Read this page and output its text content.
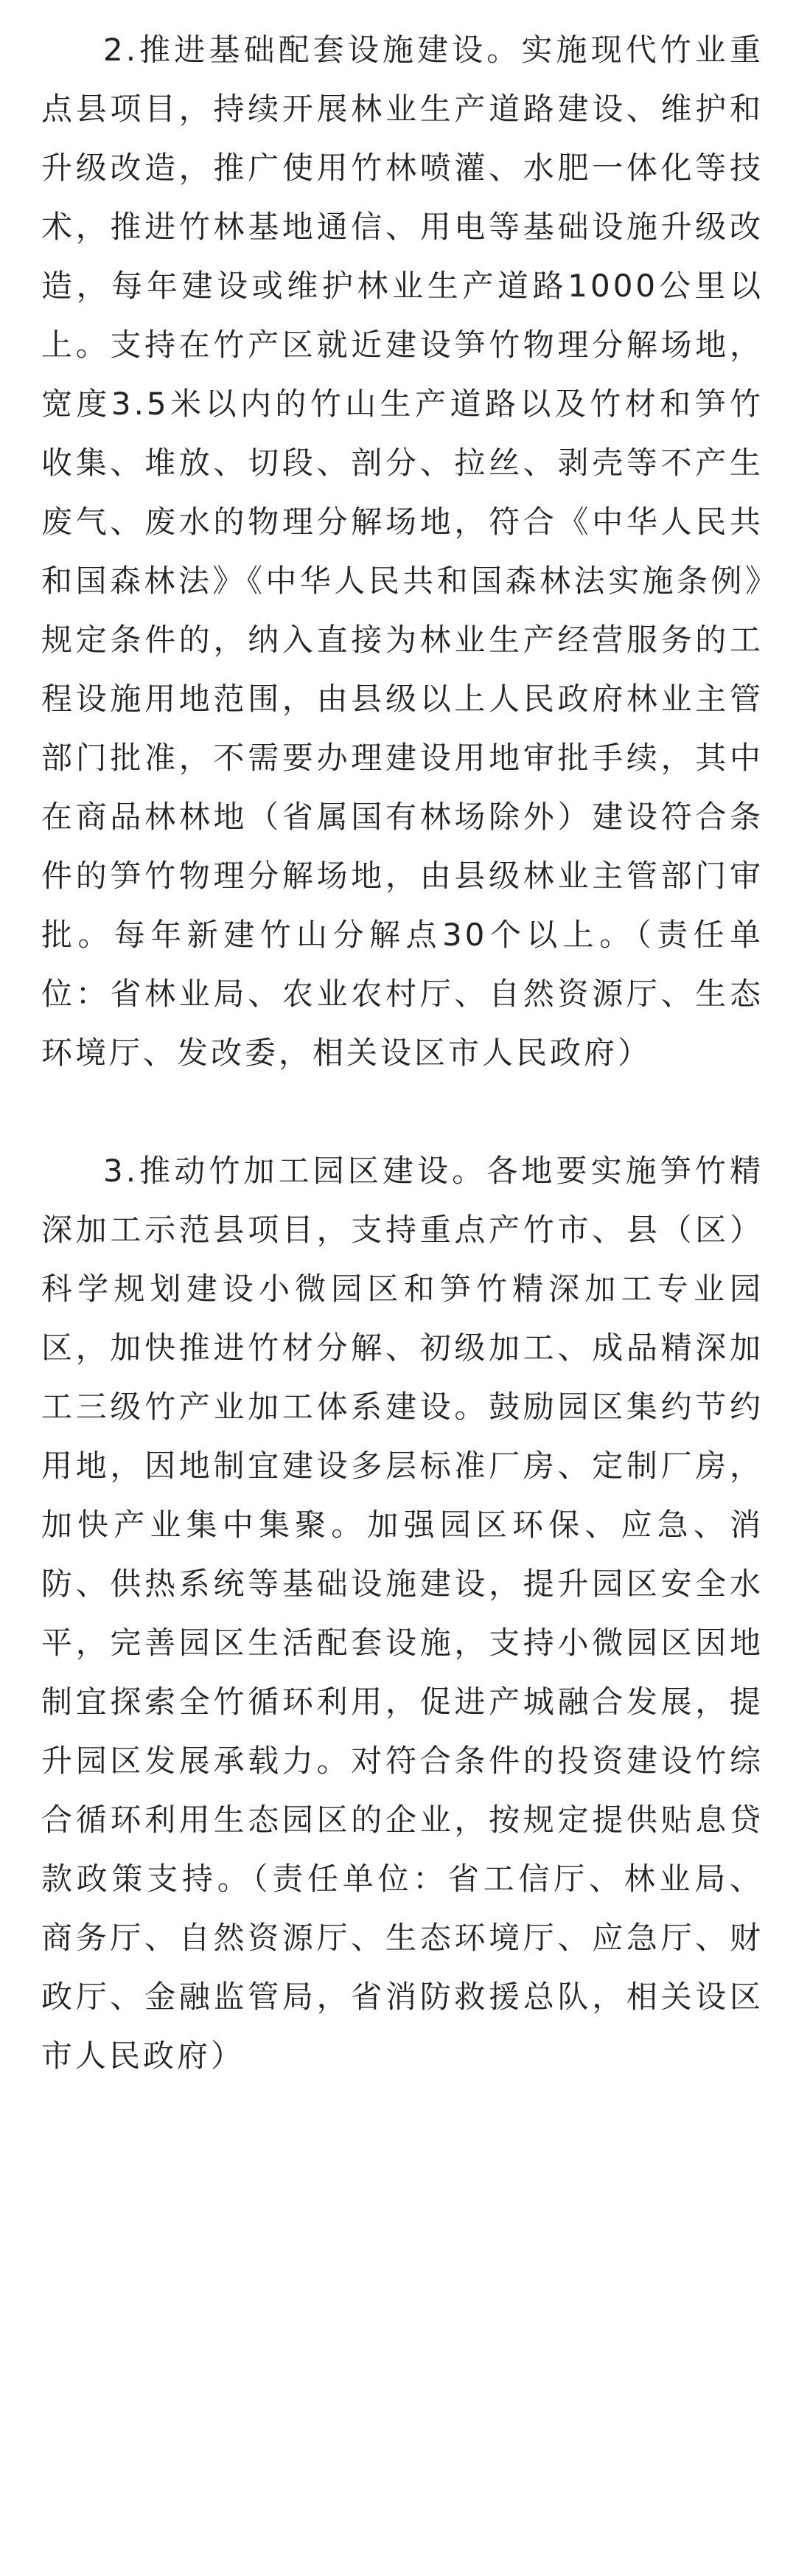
2.推进基础配套设施建设。实施现代竹业重点县项目，持续开展林业生产道路建设、维护和升级改造，推广使用竹林喷灌、水肥一体化等技术，推进竹林基地通信、用电等基础设施升级改造，每年建设或维护林业生产道路1000公里以上。支持在竹产区就近建设笋竹物理分解场地，宽度3.5米以内的竹山生产道路以及竹材和笋竹收集、堆放、切段、剖分、拉丝、剥壳等不产生废气、废水的物理分解场地，符合《中华人民共和国森林法》《中华人民共和国森林法实施条例》规定条件的，纳入直接为林业生产经营服务的工程设施用地范围，由县级以上人民政府林业主管部门批准，不需要办理建设用地审批手续，其中在商品林林地（省属国有林场除外）建设符合条件的笋竹物理分解场地，由县级林业主管部门审批。每年新建竹山分解点30个以上。（责任单位：省林业局、农业农村厅、自然资源厅、生态环境厅、发改委，相关设区市人民政府）

3.推动竹加工园区建设。各地要实施笋竹精深加工示范县项目，支持重点产竹市、县（区）科学规划建设小微园区和笋竹精深加工专业园区，加快推进竹材分解、初级加工、成品精深加工三级竹产业加工体系建设。鼓励园区集约节约用地，因地制宜建设多层标准厂房、定制厂房，加快产业集中集聚。加强园区环保、应急、消防、供热系统等基础设施建设，提升园区安全水平，完善园区生活配套设施，支持小微园区因地制宜探索全竹循环利用，促进产城融合发展，提升园区发展承载力。对符合条件的投资建设竹综合循环利用生态园区的企业，按规定提供贴息贷款政策支持。（责任单位：省工信厅、林业局、商务厅、自然资源厅、生态环境厅、应急厅、财政厅、金融监管局，省消防救援总队，相关设区市人民政府）
